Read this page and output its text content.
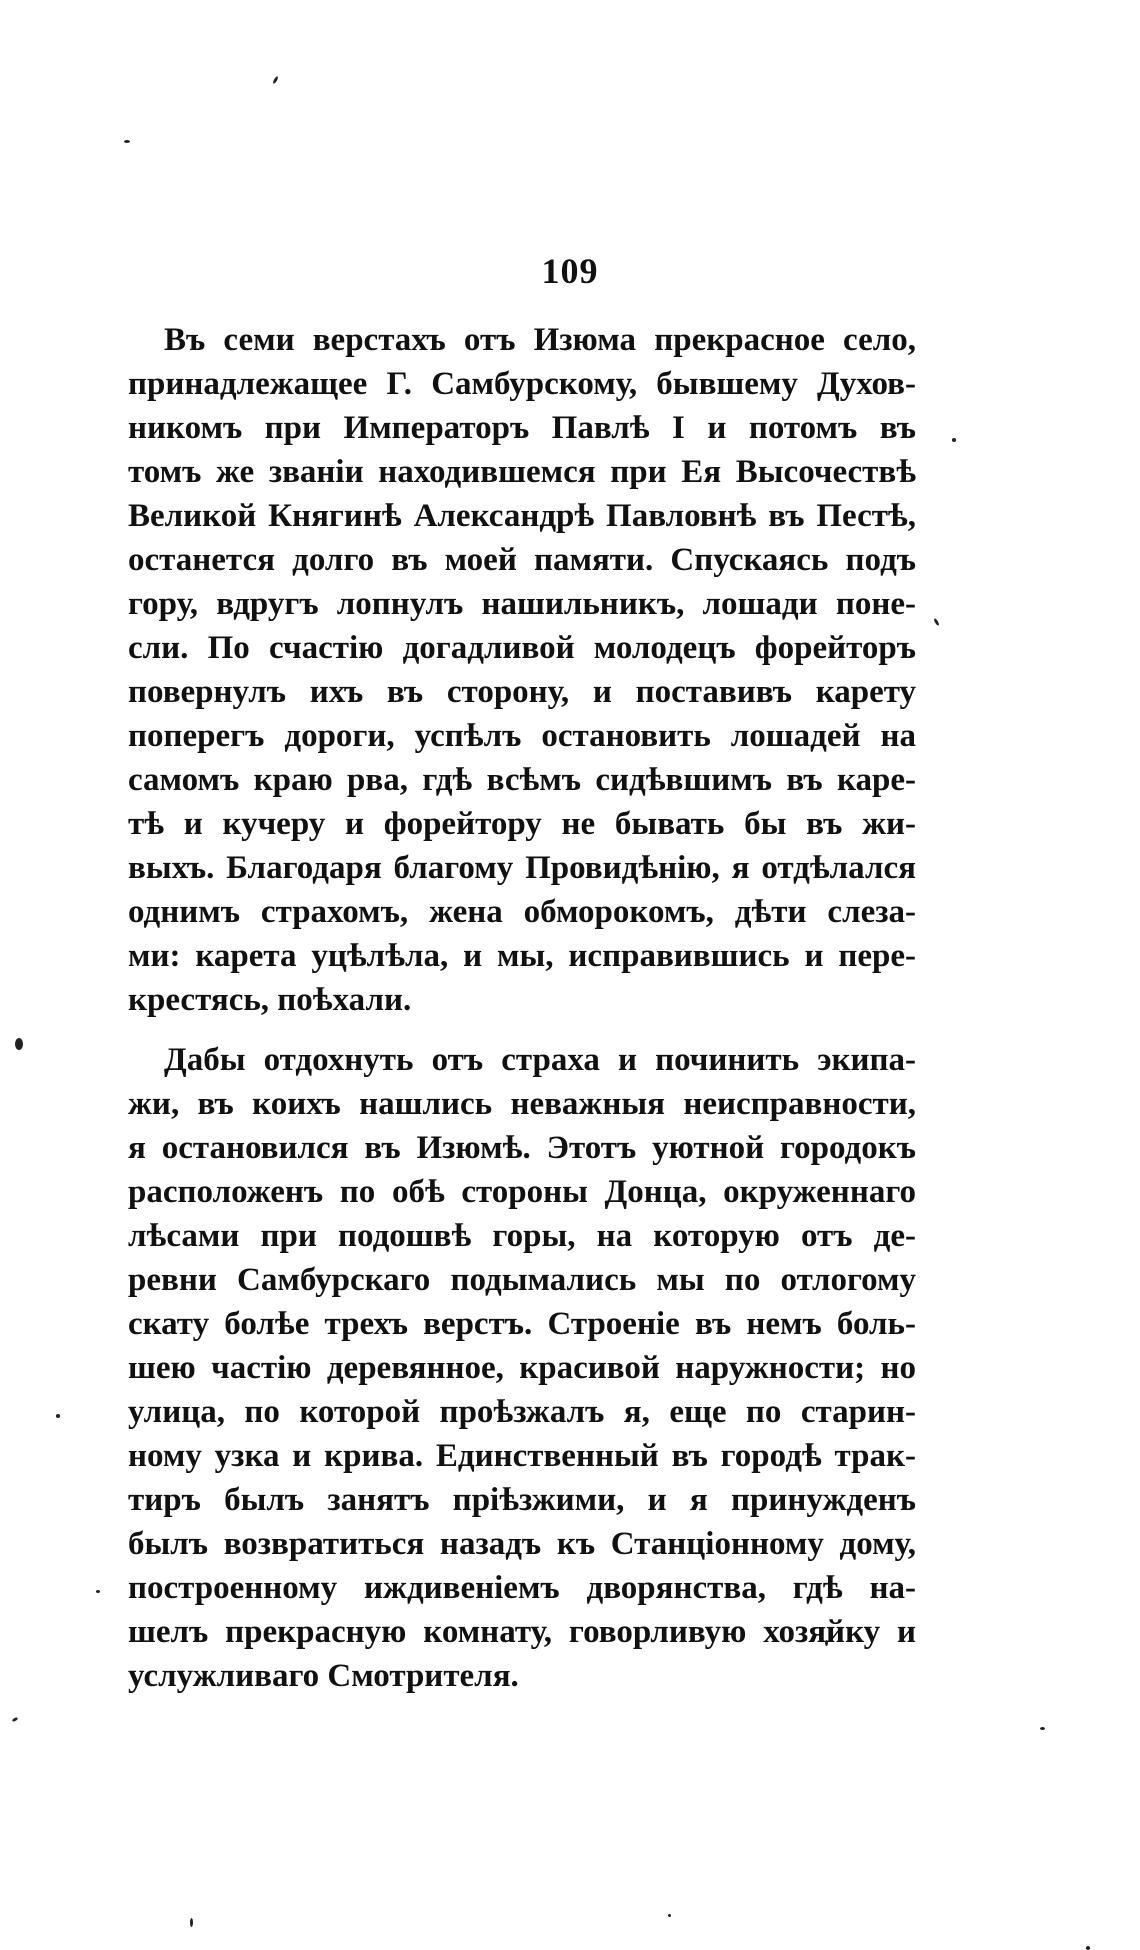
109
Въ семи верстахъ отъ Изюма прекрасное село,
принадлежащее Г. Самбурскому, бывшему Духов-
никомъ при Императоръ Павлѣ I и потомъ въ
томъ же званіи находившемся при Ея Высочествѣ
Великой Княгинѣ Александрѣ Павловнѣ въ Пестѣ,
останется долго въ моей памяти. Спускаясь подъ
гору, вдругъ лопнулъ нашильникъ, лошади поне-
сли. По счастію догадливой молодецъ форейторъ
повернулъ ихъ въ сторону, и поставивъ карету
поперегъ дороги, успѣлъ остановить лошадей на
самомъ краю рва, гдѣ всѣмъ сидѣвшимъ въ каре-
тѣ и кучеру и форейтору не бывать бы въ жи-
выхъ. Благодаря благому Провидѣнію, я отдѣлался
однимъ страхомъ, жена обморокомъ, дѣти слеза-
ми: карета уцѣлѣла, и мы, исправившись и пере-
крестясь, поѣхали.
Дабы отдохнуть отъ страха и починить экипа-
жи, въ коихъ нашлись неважныя неисправности,
я остановился въ Изюмѣ. Этотъ уютной городокъ
расположенъ по обѣ стороны Донца, окруженнаго
лѣсами при подошвѣ горы, на которую отъ де-
ревни Самбурскаго подымались мы по отлогому
скату болѣе трехъ верстъ. Строеніе въ немъ боль-
шею частію деревянное, красивой наружности; но
улица, по которой проѣзжалъ я, еще по старин-
ному узка и крива. Единственный въ городѣ трак-
тиръ былъ занятъ пріѣзжими, и я принужденъ
былъ возвратиться назадъ къ Станціонному дому,
построенному иждивеніемъ дворянства, гдѣ на-
шелъ прекрасную комнату, говорливую хозяйку и
услужливаго Смотрителя.
